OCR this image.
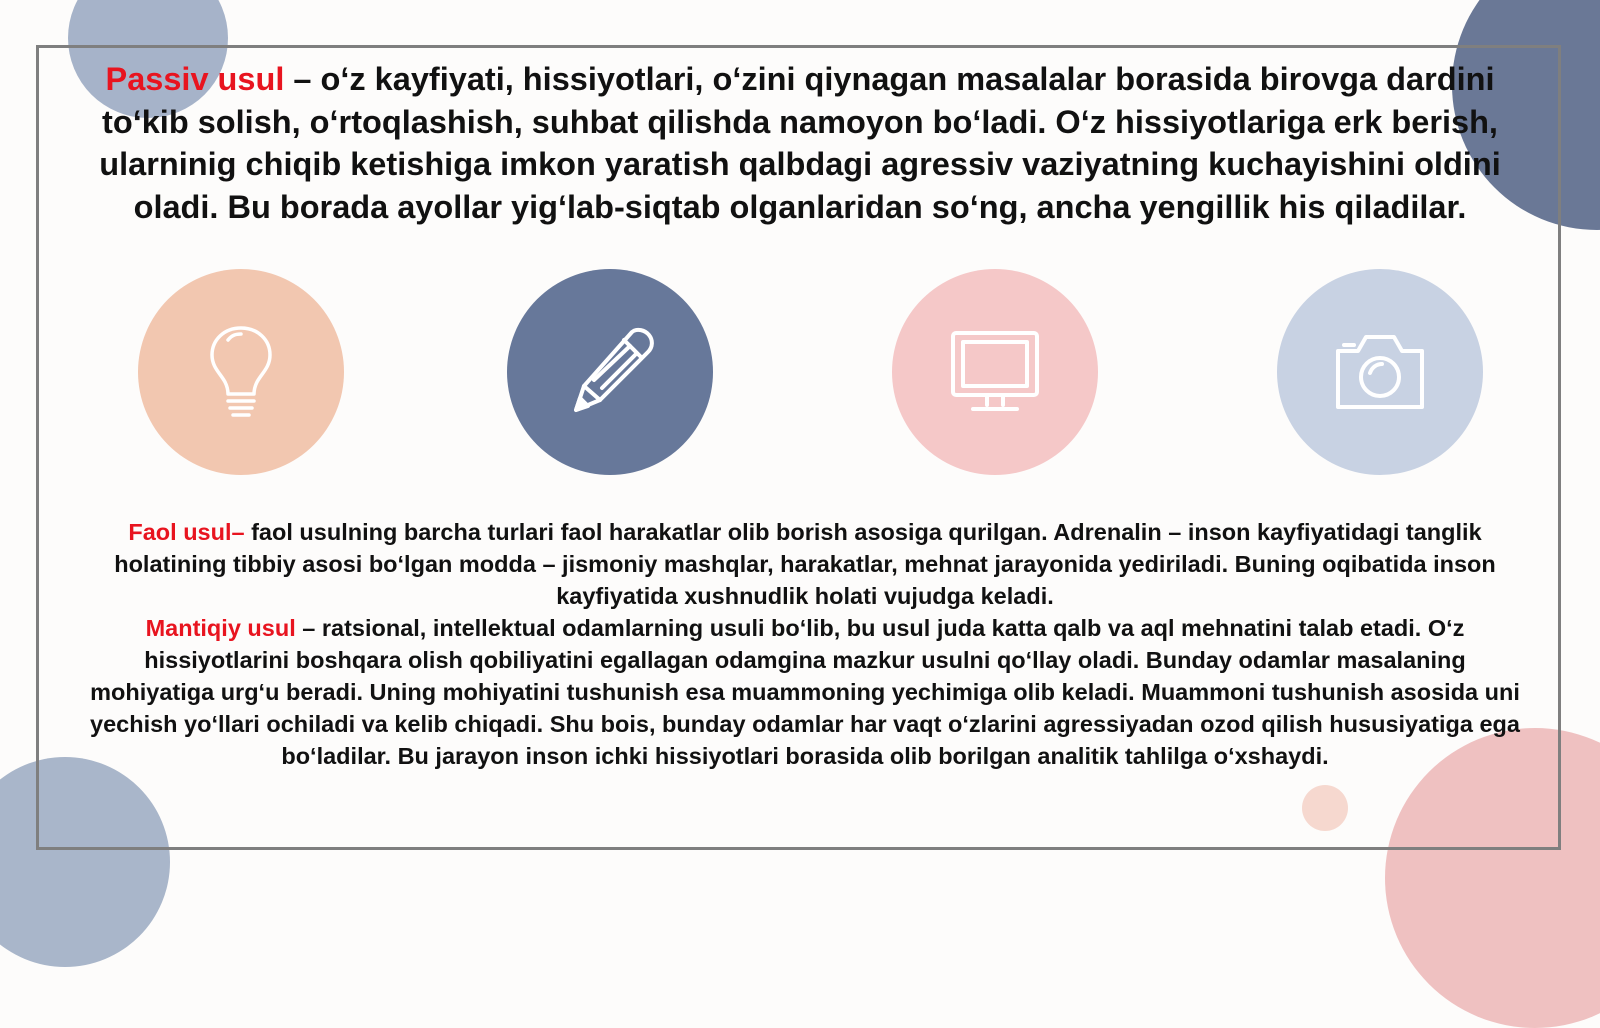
Passiv usul – o‘z kayfiyati, hissiyotlari, o‘zini qiynagan masalalar borasida birovga dardini to‘kib solish, o‘rtoqlashish, suhbat qilishda namoyon bo‘ladi. O‘z hissiyotlariga erk berish, ularninig chiqib ketishiga imkon yaratish qalbdagi agressiv vaziyatning kuchayishini oldini oladi. Bu borada ayollar yig‘lab-siqtab olganlaridan so‘ng, ancha yengillik his qiladilar.

Faol usul– faol usulning barcha turlari faol harakatlar olib borish asosiga qurilgan. Adrenalin – inson kayfiyatidagi tanglik holatining tibbiy asosi bo‘lgan modda – jismoniy mashqlar, harakatlar, mehnat jarayonida yediriladi. Buning oqibatida inson kayfiyatida xushnudlik holati vujudga keladi.

Mantiqiy usul – ratsional, intellektual odamlarning usuli bo‘lib, bu usul juda katta qalb va aql mehnatini talab etadi. O‘z hissiyotlarini boshqara olish qobiliyatini egallagan odamgina mazkur usulni qo‘llay oladi. Bunday odamlar masalaning mohiyatiga urg‘u beradi. Uning mohiyatini tushunish esa muammoning yechimiga olib keladi. Muammoni tushunish asosida uni yechish yo‘llari ochiladi va kelib chiqadi. Shu bois, bunday odamlar har vaqt o‘zlarini agressiyadan ozod qilish hususiyatiga ega bo‘ladilar. Bu jarayon inson ichki hissiyotlari borasida olib borilgan analitik tahlilga o‘xshaydi.
